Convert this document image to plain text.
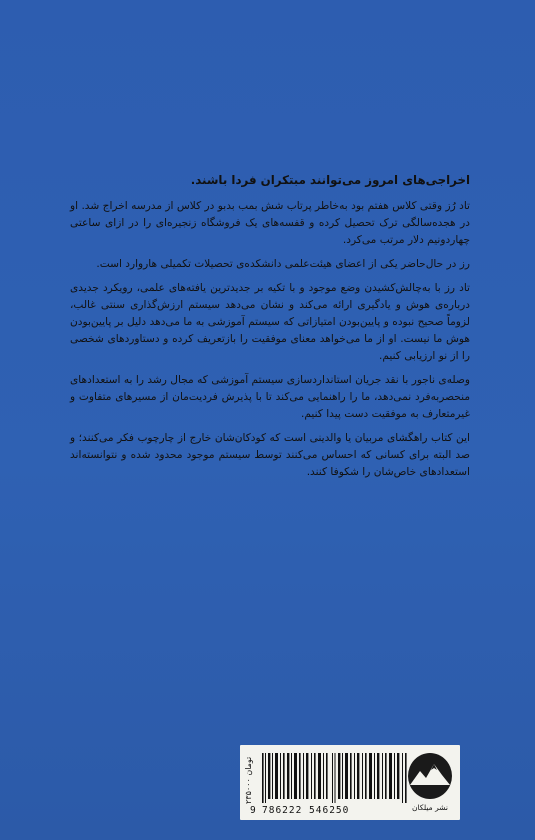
اخراجی‌های امروز می‌توانند مبتکران فردا باشند.

تاد رُز وقتی کلاس هفتم بود به‌خاطر پرتاب شش بمب بدبو در کلاس از مدرسه اخراج شد. او در هجده‌سالگی ترک تحصیل کرده و قفسه‌های یک فروشگاه زنجیره‌ای را در ازای ساعتی چهاردونیم دلار مرتب می‌کرد.

رز در حال‌حاضر یکی از اعضای هیئت‌علمی دانشکده‌ی تحصیلات تکمیلی هاروارد است.

تاد رز با به‌چالش‌کشیدن وضع موجود و با تکیه بر جدیدترین یافته‌های علمی، رویکرد جدیدی درباره‌ی هوش و یادگیری ارائه می‌کند و نشان می‌دهد سیستم ارزش‌گذاری سنتی غالب، لزوماً صحیح نبوده و پایین‌بودن امتیازاتی که سیستم آموزشی به ما می‌دهد دلیل بر پایین‌بودن هوش ما نیست. او از ما می‌خواهد معنای موفقیت را بازتعریف کرده و دستاوردهای شخصی را از نو ارزیابی کنیم.

وصله‌ی ناجور با نقد جریان استانداردسازی سیستم آموزشی که مجال رشد را به استعدادهای منحصربه‌فرد نمی‌دهد، ما را راهنمایی می‌کند تا با پذیرش فردیت‌مان از مسیرهای متفاوت و غیرمتعارف به موفقیت دست پیدا کنیم.

این کتاب راهگشای مربیان یا والدینی است که کودکان‌شان خارج از چارچوب فکر می‌کنند؛ و صد البته برای کسانی که احساس می‌کنند توسط سیستم موجود محدود شده و نتوانسته‌اند استعدادهای خاص‌شان را شکوفا کنند.

۲۳۵۰۰۰ تومان
9 786222 546250	نشر میلکان
